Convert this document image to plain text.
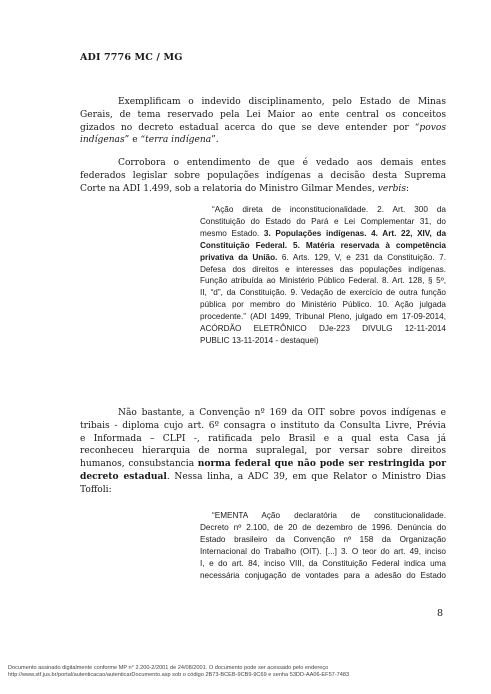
ADI 7776 MC / MG
Exemplificam o indevido disciplinamento, pelo Estado de Minas
Gerais, de tema reservado pela Lei Maior ao ente central os conceitos
gizados no decreto estadual acerca do que se deve entender por “povos
indígenas” e “terra indígena”.
Corrobora o entendimento de que é vedado aos demais entes
federados legislar sobre populações indígenas a decisão desta Suprema
Corte na ADI 1.499, sob a relatoria do Ministro Gilmar Mendes, verbis:
“Ação direta de inconstitucionalidade. 2. Art. 300 da
Constituição do Estado do Pará e Lei Complementar 31, do
mesmo Estado. 3. Populações indígenas. 4. Art. 22, XIV, da
Constituição Federal. 5. Matéria reservada à competência
privativa da União. 6. Arts. 129, V, e 231 da Constituição. 7.
Defesa dos direitos e interesses das populações indígenas.
Função atribuída ao Ministério Público Federal. 8. Art. 128, § 5º,
II, “d”, da Constituição. 9. Vedação de exercício de outra função
pública por membro do Ministério Público. 10. Ação julgada
procedente.” (ADI 1499, Tribunal Pleno, julgado em 17-09-2014,
ACÓRDÃO ELETRÔNICO DJe-223 DIVULG 12-11-2014
PUBLIC 13-11-2014 - destaquei)
Não bastante, a Convenção nº 169 da OIT sobre povos indígenas e
tribais - diploma cujo art. 6º consagra o instituto da Consulta Livre, Prévia
e Informada – CLPI -, ratificada pelo Brasil e a qual esta Casa já
reconheceu hierarquia de norma supralegal, por versar sobre direitos
humanos, consubstancia norma federal que não pode ser restringida por
decreto estadual. Nessa linha, a ADC 39, em que Relator o Ministro Dias
Toffoli:
“EMENTA Ação declaratória de constitucionalidade.
Decreto nº 2.100, de 20 de dezembro de 1996. Denúncia do
Estado brasileiro da Convenção nº 158 da Organização
Internacional do Trabalho (OIT). [...] 3. O teor do art. 49, inciso
I, e do art. 84, inciso VIII, da Constituição Federal indica uma
necessária conjugação de vontades para a adesão do Estado
8
Documento assinado digitalmente conforme MP n° 2.200-2/2001 de 24/08/2001. O documento pode ser acessado pelo endereço
http://www.stf.jus.br/portal/autenticacao/autenticarDocumento.asp sob o código 2B73-BCEB-9CB9-9C69 e senha 53DD-AA06-EF57-7483
